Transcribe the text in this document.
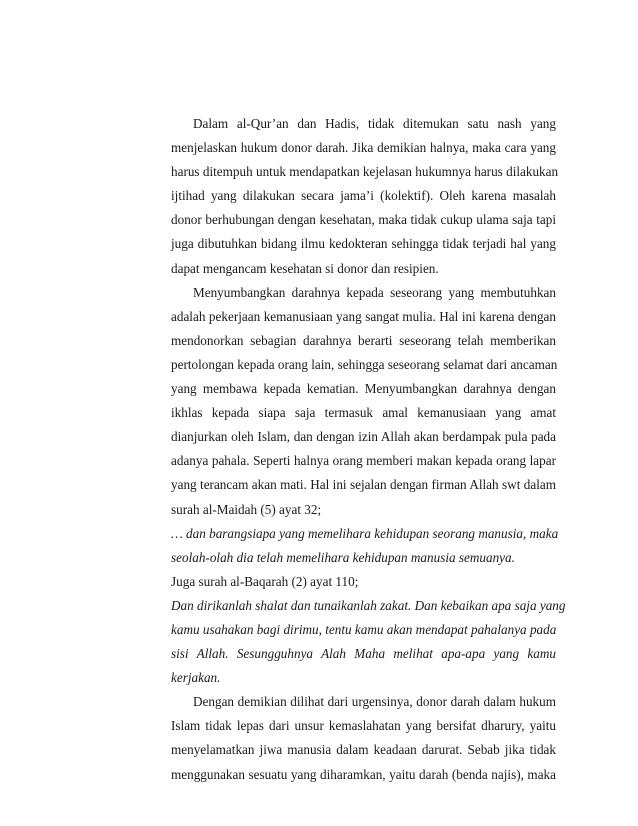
Dalam al-Qur’an dan Hadis, tidak ditemukan satu nash yang
menjelaskan hukum donor darah. Jika demikian halnya, maka cara yang
harus ditempuh untuk mendapatkan kejelasan hukumnya harus dilakukan
ijtihad yang dilakukan secara jama’i (kolektif). Oleh karena masalah
donor berhubungan dengan kesehatan, maka tidak cukup ulama saja tapi
juga dibutuhkan bidang ilmu kedokteran sehingga tidak terjadi hal yang
dapat mengancam kesehatan si donor dan resipien.
Menyumbangkan darahnya kepada seseorang yang membutuhkan
adalah pekerjaan kemanusiaan yang sangat mulia. Hal ini karena dengan
mendonorkan sebagian darahnya berarti seseorang telah memberikan
pertolongan kepada orang lain, sehingga seseorang selamat dari ancaman
yang membawa kepada kematian. Menyumbangkan darahnya dengan
ikhlas kepada siapa saja termasuk amal kemanusiaan yang amat
dianjurkan oleh Islam, dan dengan izin Allah akan berdampak pula pada
adanya pahala. Seperti halnya orang memberi makan kepada orang lapar
yang terancam akan mati. Hal ini sejalan dengan firman Allah swt dalam
surah al-Maidah (5) ayat 32;
… dan barangsiapa yang memelihara kehidupan seorang manusia, maka
seolah-olah dia telah memelihara kehidupan manusia semuanya.
Juga surah al-Baqarah (2) ayat 110;
Dan dirikanlah shalat dan tunaikanlah zakat. Dan kebaikan apa saja yang
kamu usahakan bagi dirimu, tentu kamu akan mendapat pahalanya pada
sisi Allah. Sesungguhnya Alah Maha melihat apa-apa yang kamu
kerjakan.
Dengan demikian dilihat dari urgensinya, donor darah dalam hukum
Islam tidak lepas dari unsur kemaslahatan yang bersifat dharury, yaitu
menyelamatkan jiwa manusia dalam keadaan darurat. Sebab jika tidak
menggunakan sesuatu yang diharamkan, yaitu darah (benda najis), maka
